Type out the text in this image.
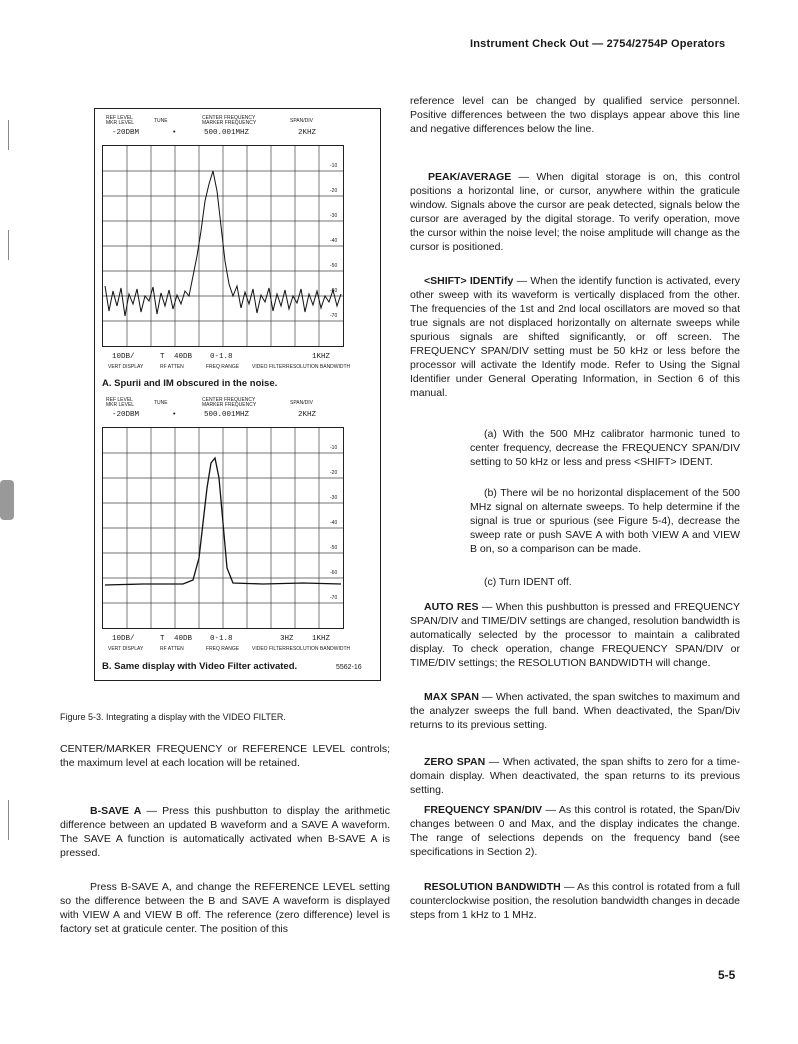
Instrument Check Out — 2754/2754P Operators
REF LEVEL
MKR LEVEL	TUNE	CENTER FREQUENCY
MARKER FREQUENCY	SPAN/DIV
-20DBM	•	500.001MHZ	2KHZ
10DB/	T 40DB 0-1.8	1KHZ
VERT DISPLAY	RF ATTEN	FREQ RANGE	VIDEO FILTER RESOLUTION BANDWIDTH
A. Spurii and IM obscured in the noise.
REF LEVEL
MKR LEVEL	TUNE	CENTER FREQUENCY
MARKER FREQUENCY	SPAN/DIV
-20DBM	•	500.001MHZ	2KHZ
10DB/	T 40DB 0-1.8	3HZ 1KHZ
VERT DISPLAY	RF ATTEN	FREQ RANGE	VIDEO FILTER RESOLUTION BANDWIDTH
B. Same display with Video Filter activated.	5562-16
Figure 5-3. Integrating a display with the VIDEO FILTER.

CENTER/MARKER FREQUENCY or REFERENCE LEVEL controls; the maximum level at each location will be retained.

B-SAVE A — Press this pushbutton to display the arithmetic difference between an updated B waveform and a SAVE A waveform. The SAVE A function is automatically activated when B-SAVE A is pressed.

Press B-SAVE A, and change the REFERENCE LEVEL setting so the difference between the B and SAVE A waveform is displayed with VIEW A and VIEW B off. The reference (zero difference) level is factory set at graticule center. The position of this

reference level can be changed by qualified service personnel. Positive differences between the two displays appear above this line and negative differences below the line.

PEAK/AVERAGE — When digital storage is on, this control positions a horizontal line, or cursor, anywhere within the graticule window. Signals above the cursor are peak detected, signals below the cursor are averaged by the digital storage. To verify operation, move the cursor within the noise level; the noise amplitude will change as the cursor is positioned.

<SHIFT> IDENTify — When the identify function is activated, every other sweep with its waveform is vertically displaced from the other. The frequencies of the 1st and 2nd local oscillators are moved so that true signals are not displaced horizontally on alternate sweeps while spurious signals are shifted significantly, or off screen. The FREQUENCY SPAN/DIV setting must be 50 kHz or less before the processor will activate the Identify mode. Refer to Using the Signal Identifier under General Operating Information, in Section 6 of this manual.

(a) With the 500 MHz calibrator harmonic tuned to center frequency, decrease the FREQUENCY SPAN/DIV setting to 50 kHz or less and press <SHIFT> IDENT.

(b) There wil be no horizontal displacement of the 500 MHz signal on alternate sweeps. To help determine if the signal is true or spurious (see Figure 5-4), decrease the sweep rate or push SAVE A with both VIEW A and VIEW B on, so a comparison can be made.

(c) Turn IDENT off.

AUTO RES — When this pushbutton is pressed and FREQUENCY SPAN/DIV and TIME/DIV settings are changed, resolution bandwidth is automatically selected by the processor to maintain a calibrated display. To check operation, change FREQUENCY SPAN/DIV or TIME/DIV settings; the RESOLUTION BANDWIDTH will change.

MAX SPAN — When activated, the span switches to maximum and the analyzer sweeps the full band. When deactivated, the Span/Div returns to its previous setting.

ZERO SPAN — When activated, the span shifts to zero for a time-domain display. When deactivated, the span returns to its previous setting.

FREQUENCY SPAN/DIV — As this control is rotated, the Span/Div changes between 0 and Max, and the display indicates the change. The range of selections depends on the frequency band (see specifications in Section 2).

RESOLUTION BANDWIDTH — As this control is rotated from a full counterclockwise position, the resolution bandwidth changes in decade steps from 1 kHz to 1 MHz.

5-5
-10
-20
-30
-40
-50
-60
-70
-10
-20
-30
-40
-50
-60
-70
